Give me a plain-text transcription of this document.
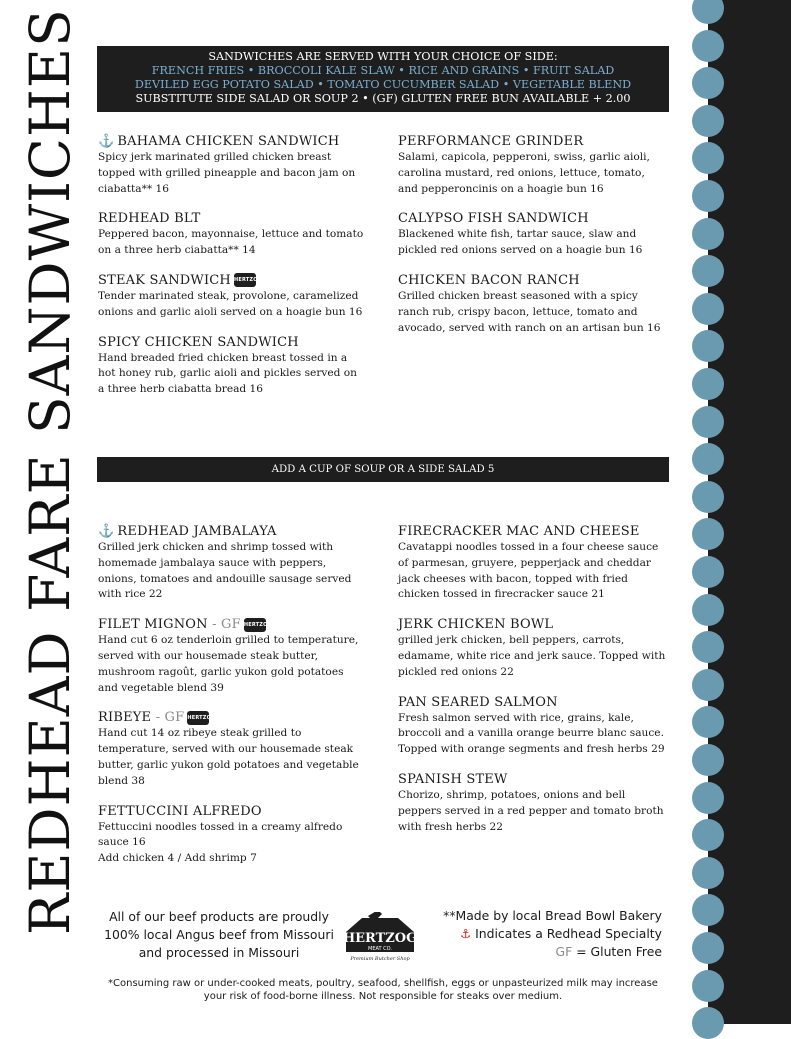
SANDWICHES
REDHEAD FARE
SANDWICHES ARE SERVED WITH YOUR CHOICE OF SIDE:
FRENCH FRIES • BROCCOLI KALE SLAW • RICE AND GRAINS • FRUIT SALAD
DEVILED EGG POTATO SALAD • TOMATO CUCUMBER SALAD • VEGETABLE BLEND
SUBSTITUTE SIDE SALAD OR SOUP 2 • (GF) GLUTEN FREE BUN AVAILABLE + 2.00
⚓ BAHAMA CHICKEN SANDWICH
Spicy jerk marinated grilled chicken breast topped with grilled pineapple and bacon jam on ciabatta** 16
REDHEAD BLT
Peppered bacon, mayonnaise, lettuce and tomato on a three herb ciabatta** 14
STEAK SANDWICH HERTZOG
Tender marinated steak, provolone, caramelized onions and garlic aioli served on a hoagie bun 16
SPICY CHICKEN SANDWICH
Hand breaded fried chicken breast tossed in a hot honey rub, garlic aioli and pickles served on a three herb ciabatta bread 16
PERFORMANCE GRINDER
Salami, capicola, pepperoni, swiss, garlic aioli, carolina mustard, red onions, lettuce, tomato, and pepperoncinis on a hoagie bun 16
CALYPSO FISH SANDWICH
Blackened white fish, tartar sauce, slaw and pickled red onions served on a hoagie bun 16
CHICKEN BACON RANCH
Grilled chicken breast seasoned with a spicy ranch rub, crispy bacon, lettuce, tomato and avocado, served with ranch on an artisan bun 16
ADD A CUP OF SOUP OR A SIDE SALAD 5
⚓ REDHEAD JAMBALAYA
Grilled jerk chicken and shrimp tossed with homemade jambalaya sauce with peppers, onions, tomatoes and andouille sausage served with rice 22
FILET MIGNON - GF HERTZOG
Hand cut 6 oz tenderloin grilled to temperature, served with our housemade steak butter, mushroom ragoût, garlic yukon gold potatoes and vegetable blend 39
RIBEYE - GF HERTZOG
Hand cut 14 oz ribeye steak grilled to temperature, served with our housemade steak butter, garlic yukon gold potatoes and vegetable blend 38
FETTUCCINI ALFREDO
Fettuccini noodles tossed in a creamy alfredo sauce 16
Add chicken 4 / Add shrimp 7
FIRECRACKER MAC AND CHEESE
Cavatappi noodles tossed in a four cheese sauce of parmesan, gruyere, pepperjack and cheddar jack cheeses with bacon, topped with fried chicken tossed in firecracker sauce 21
JERK CHICKEN BOWL
grilled jerk chicken, bell peppers, carrots, edamame, white rice and jerk sauce. Topped with pickled red onions 22
PAN SEARED SALMON
Fresh salmon served with rice, grains, kale, broccoli and a vanilla orange beurre blanc sauce. Topped with orange segments and fresh herbs 29
SPANISH STEW
Chorizo, shrimp, potatoes, onions and bell peppers served in a red pepper and tomato broth with fresh herbs 22
All of our beef products are proudly
100% local Angus beef from Missouri
and processed in Missouri
HERTZOG
MEAT CO.
Premium Butcher Shop
**Made by local Bread Bowl Bakery
⚓ Indicates a Redhead Specialty
GF = Gluten Free
*Consuming raw or under-cooked meats, poultry, seafood, shellfish, eggs or unpasteurized milk may increase
your risk of food-borne illness. Not responsible for steaks over medium.
